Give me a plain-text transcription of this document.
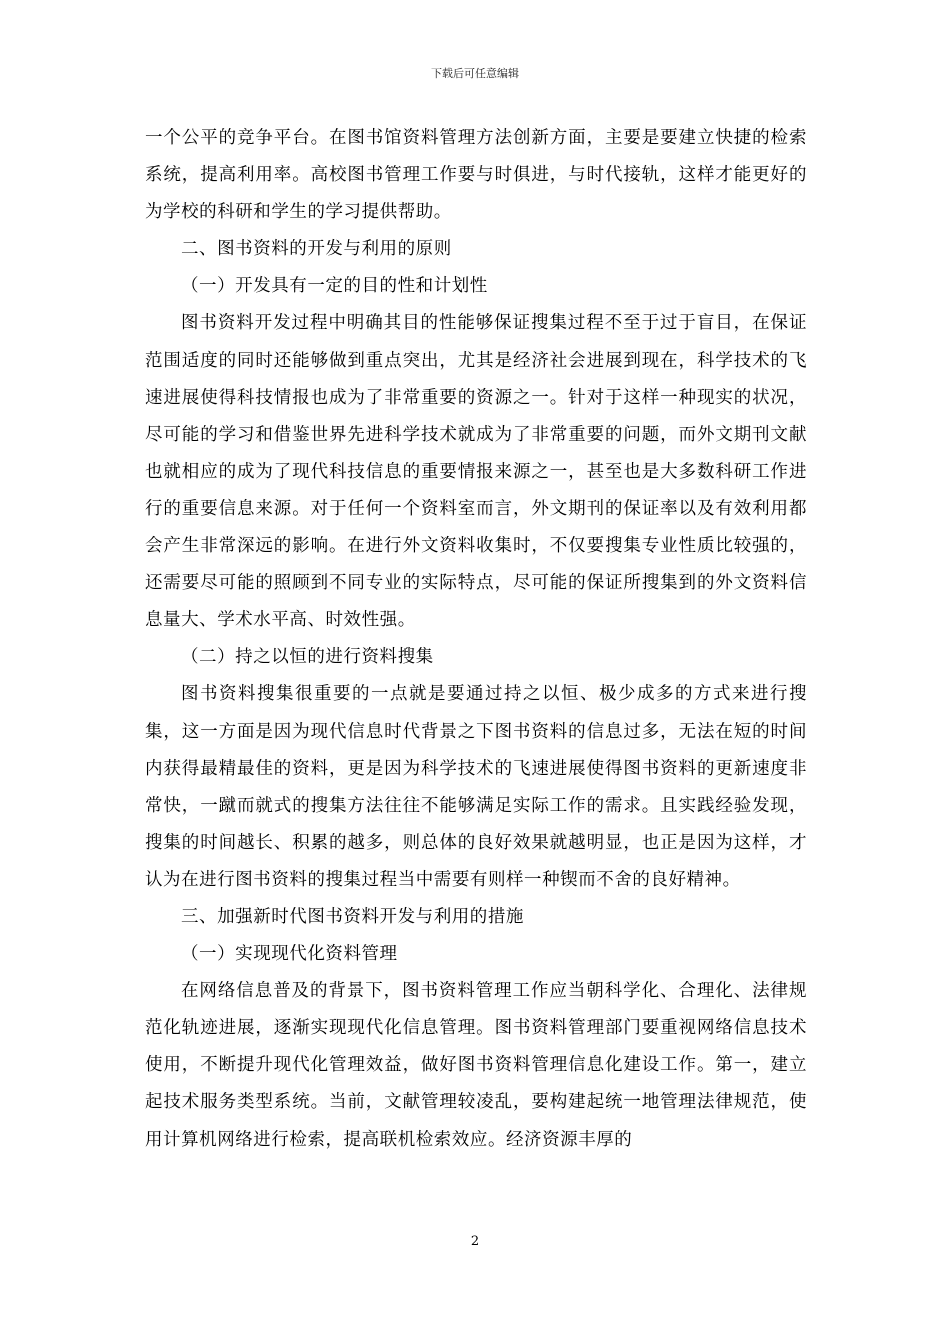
下载后可任意编辑

一个公平的竞争平台。在图书馆资料管理方法创新方面，主要是要建立快捷的检索系统，提高利用率。高校图书管理工作要与时俱进，与时代接轨，这样才能更好的为学校的科研和学生的学习提供帮助。

二、图书资料的开发与利用的原则

（一）开发具有一定的目的性和计划性

图书资料开发过程中明确其目的性能够保证搜集过程不至于过于盲目，在保证范围适度的同时还能够做到重点突出，尤其是经济社会进展到现在，科学技术的飞速进展使得科技情报也成为了非常重要的资源之一。针对于这样一种现实的状况，尽可能的学习和借鉴世界先进科学技术就成为了非常重要的问题，而外文期刊文献也就相应的成为了现代科技信息的重要情报来源之一，甚至也是大多数科研工作进行的重要信息来源。对于任何一个资料室而言，外文期刊的保证率以及有效利用都会产生非常深远的影响。在进行外文资料收集时，不仅要搜集专业性质比较强的，还需要尽可能的照顾到不同专业的实际特点，尽可能的保证所搜集到的外文资料信息量大、学术水平高、时效性强。

（二）持之以恒的进行资料搜集

图书资料搜集很重要的一点就是要通过持之以恒、极少成多的方式来进行搜集，这一方面是因为现代信息时代背景之下图书资料的信息过多，无法在短的时间内获得最精最佳的资料，更是因为科学技术的飞速进展使得图书资料的更新速度非常快，一蹴而就式的搜集方法往往不能够满足实际工作的需求。且实践经验发现，搜集的时间越长、积累的越多，则总体的良好效果就越明显，也正是因为这样，才认为在进行图书资料的搜集过程当中需要有则样一种锲而不舍的良好精神。

三、加强新时代图书资料开发与利用的措施

（一）实现现代化资料管理

在网络信息普及的背景下，图书资料管理工作应当朝科学化、合理化、法律规范化轨迹进展，逐渐实现现代化信息管理。图书资料管理部门要重视网络信息技术使用，不断提升现代化管理效益，做好图书资料管理信息化建设工作。第一，建立起技术服务类型系统。当前，文献管理较凌乱，要构建起统一地管理法律规范，使用计算机网络进行检索，提高联机检索效应。经济资源丰厚的

2
